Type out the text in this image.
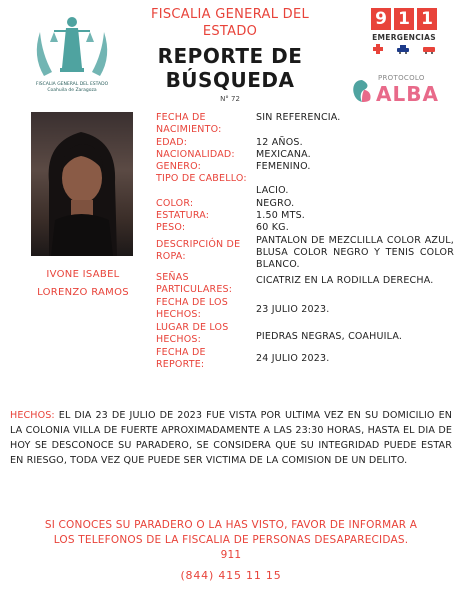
FISCALIA GENERAL DEL ESTADO
Coahuila de Zaragoza
FISCALIA GENERAL DEL
ESTADO
REPORTE DE
BÚSQUEDA
N° 72
9 1 1
EMERGENCIAS
PROTOCOLO
ALBA
IVONE ISABEL
LORENZO RAMOS
FECHA DE NACIMIENTO:
SIN REFERENCIA.
EDAD:	12 AÑOS.
NACIONALIDAD:	MEXICANA.
GENERO:	FEMENINO.
TIPO DE CABELLO:
LACIO.
COLOR:	NEGRO.
ESTATURA:	1.50 MTS.
PESO:	60 KG.
DESCRIPCIÓN DE ROPA:
PANTALON DE MEZCLILLA COLOR AZUL, BLUSA COLOR NEGRO Y TENIS COLOR BLANCO.
SEÑAS PARTICULARES:
CICATRIZ EN LA RODILLA DERECHA.
FECHA DE LOS HECHOS:	23 JULIO 2023.
LUGAR DE LOS HECHOS:	PIEDRAS NEGRAS, COAHUILA.
FECHA DE REPORTE:
24 JULIO 2023.
HECHOS: EL DIA 23 DE JULIO DE 2023 FUE VISTA POR ULTIMA VEZ EN SU DOMICILIO EN LA COLONIA VILLA DE FUERTE APROXIMADAMENTE A LAS 23:30 HORAS, HASTA EL DIA DE HOY SE DESCONOCE SU PARADERO, SE CONSIDERA QUE SU INTEGRIDAD PUEDE ESTAR EN RIESGO, TODA VEZ QUE PUEDE SER VICTIMA DE LA COMISION DE UN DELITO.
SI CONOCES SU PARADERO O LA HAS VISTO, FAVOR DE INFORMAR A
LOS TELEFONOS DE LA FISCALIA DE PERSONAS DESAPARECIDAS.
911
(844) 415 11 15
